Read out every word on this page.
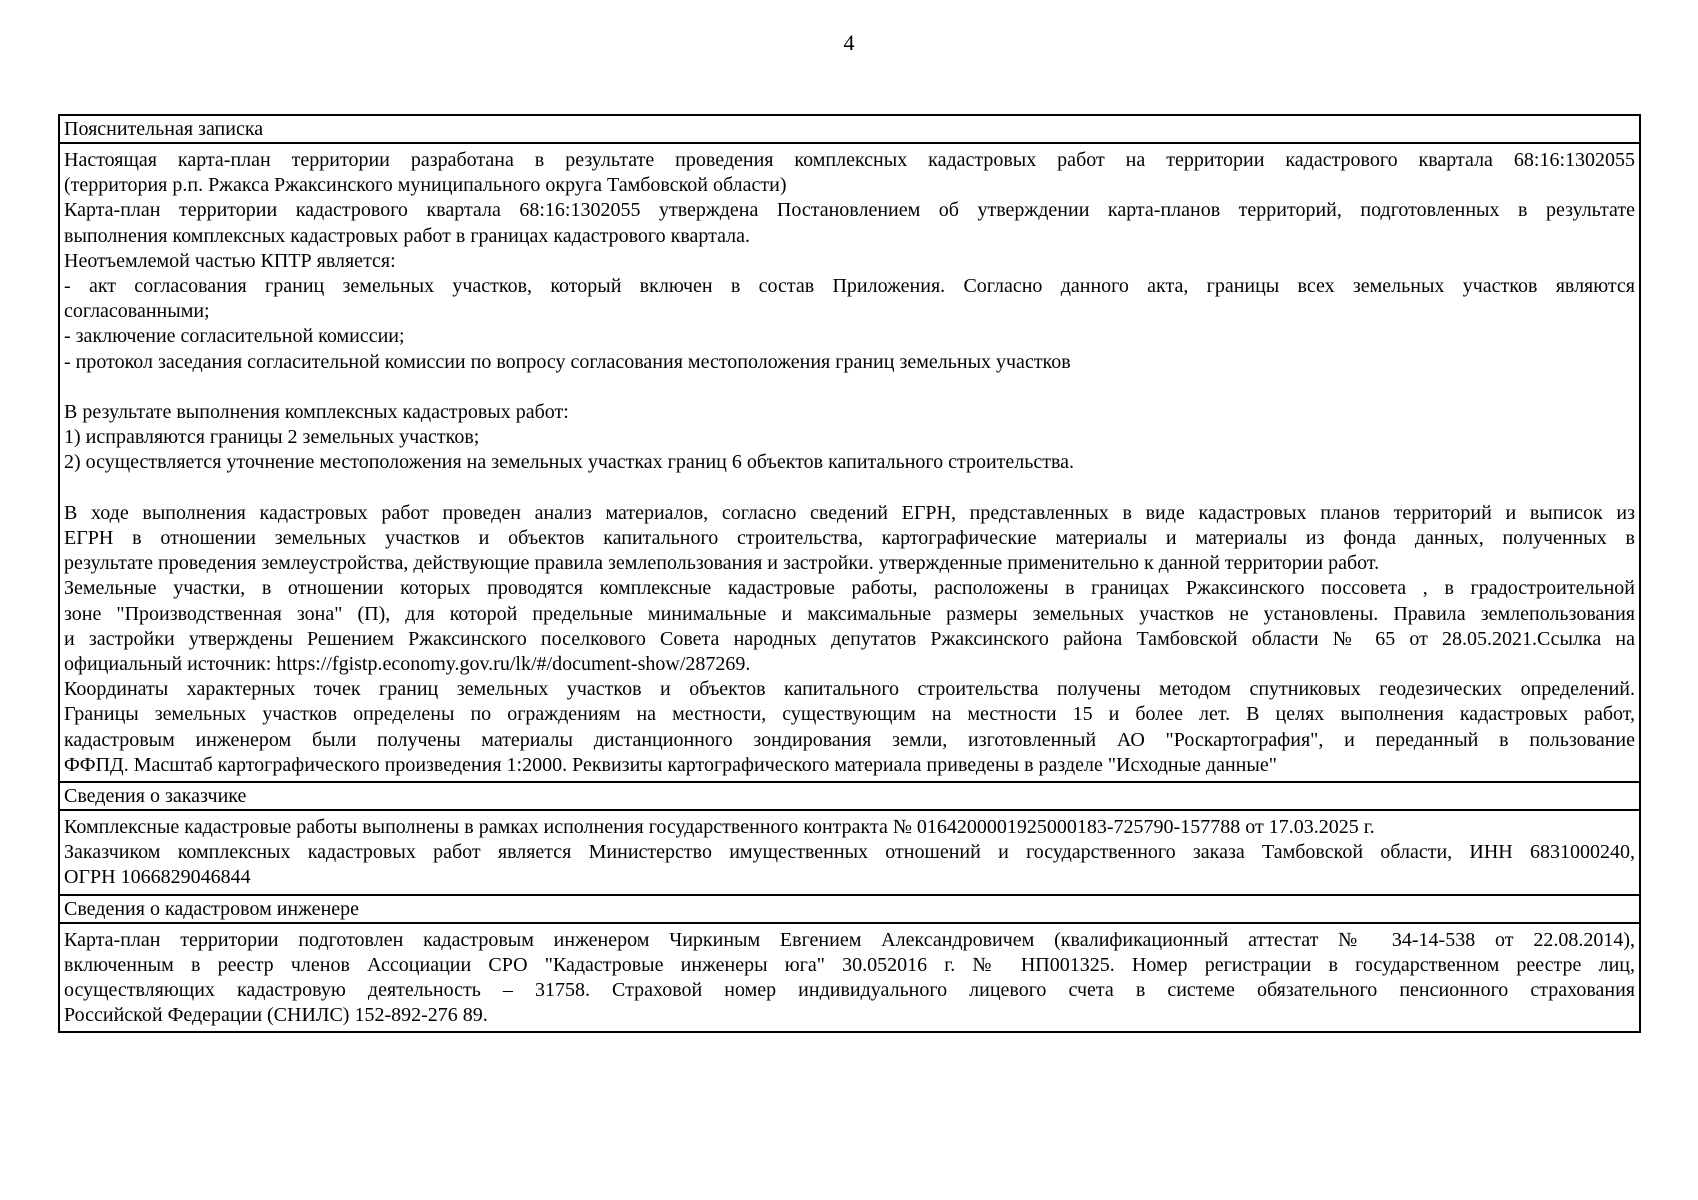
4
Пояснительная записка
Настоящая карта-план территории разработана в результате проведения комплексных кадастровых работ на территории кадастрового квартала 68:16:1302055
(территория р.п. Ржакса Ржаксинского муниципального округа Тамбовской области)
Карта-план территории кадастрового квартала 68:16:1302055 утверждена Постановлением об утверждении карта-планов территорий, подготовленных в результате
выполнения комплексных кадастровых работ в границах кадастрового квартала.
Неотъемлемой частью КПТР является:
- акт согласования границ земельных участков, который включен в состав Приложения. Согласно данного акта, границы всех земельных участков являются
согласованными;
- заключение согласительной комиссии;
- протокол заседания согласительной комиссии по вопросу согласования местоположения границ земельных участков
В результате выполнения комплексных кадастровых работ:
1) исправляются границы 2 земельных участков;
2) осуществляется уточнение местоположения на земельных участках границ 6 объектов капитального строительства.
В ходе выполнения кадастровых работ проведен анализ материалов, согласно сведений ЕГРН, представленных в виде кадастровых планов территорий и выписок из
ЕГРН в отношении земельных участков и объектов капитального строительства, картографические материалы и материалы из фонда данных, полученных в
результате проведения землеустройства, действующие правила землепользования и застройки. утвержденные применительно к данной территории работ.
Земельные участки, в отношении которых проводятся комплексные кадастровые работы, расположены в границах Ржаксинского поссовета , в градостроительной
зоне "Производственная зона" (П), для которой предельные минимальные и максимальные размеры земельных участков не установлены. Правила землепользования
и застройки утверждены Решением Ржаксинского поселкового Совета народных депутатов Ржаксинского района Тамбовской области № 65 от 28.05.2021.Ссылка на
официальный источник: https://fgistp.economy.gov.ru/lk/#/document-show/287269.
Координаты характерных точек границ земельных участков и объектов капитального строительства получены методом спутниковых геодезических определений.
Границы земельных участков определены по ограждениям на местности, существующим на местности 15 и более лет. В целях выполнения кадастровых работ,
кадастровым инженером были получены материалы дистанционного зондирования земли, изготовленный АО "Роскартография", и переданный в пользование
ФФПД. Масштаб картографического произведения 1:2000. Реквизиты картографического материала приведены в разделе "Исходные данные"
Сведения о заказчике
Комплексные кадастровые работы выполнены в рамках исполнения государственного контракта № 0164200001925000183-725790-157788 от 17.03.2025 г.
Заказчиком комплексных кадастровых работ является Министерство имущественных отношений и государственного заказа Тамбовской области, ИНН 6831000240,
ОГРН 1066829046844
Сведения о кадастровом инженере
Карта-план территории подготовлен кадастровым инженером Чиркиным Евгением Александровичем (квалификационный аттестат № 34-14-538 от 22.08.2014),
включенным в реестр членов Ассоциации СРО "Кадастровые инженеры юга" 30.052016 г. № НП001325. Номер регистрации в государственном реестре лиц,
осуществляющих кадастровую деятельность – 31758. Страховой номер индивидуального лицевого счета в системе обязательного пенсионного страхования
Российской Федерации (СНИЛС) 152-892-276 89.
